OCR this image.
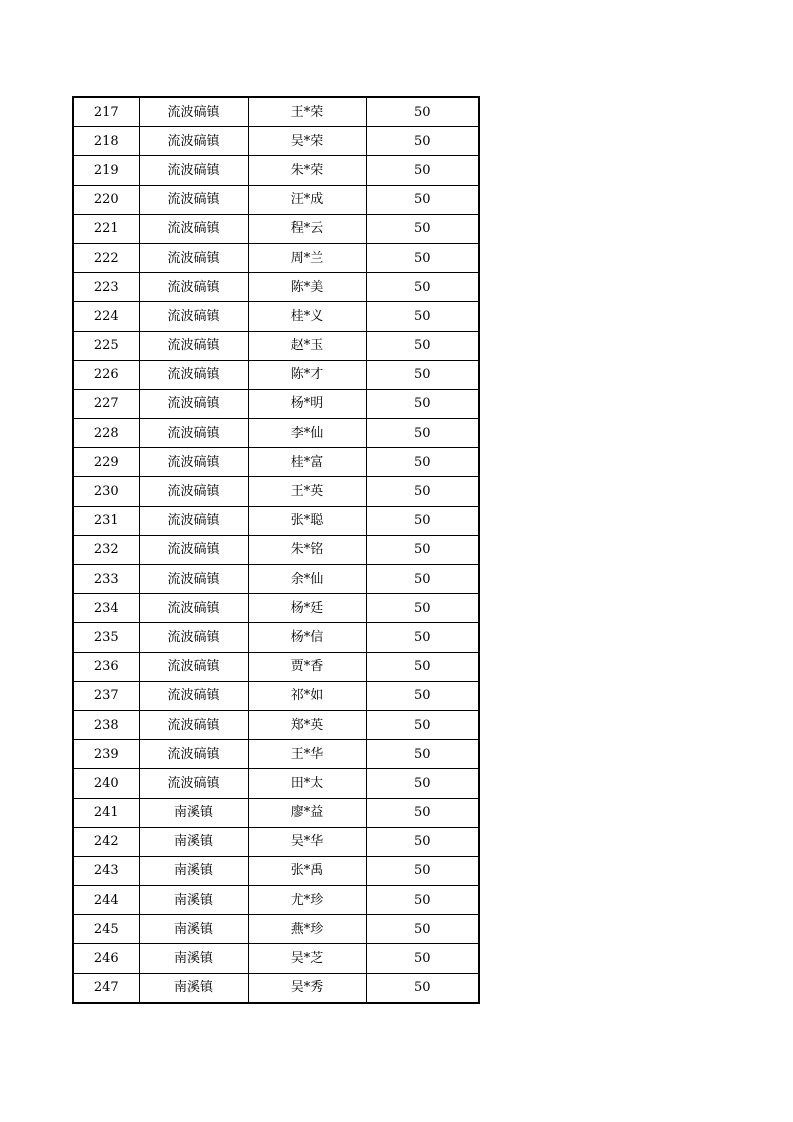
217	流波碻镇	王*荣	50
218	流波碻镇	吴*荣	50
219	流波碻镇	朱*荣	50
220	流波碻镇	汪*成	50
221	流波碻镇	程*云	50
222	流波碻镇	周*兰	50
223	流波碻镇	陈*美	50
224	流波碻镇	桂*义	50
225	流波碻镇	赵*玉	50
226	流波碻镇	陈*才	50
227	流波碻镇	杨*明	50
228	流波碻镇	李*仙	50
229	流波碻镇	桂*富	50
230	流波碻镇	王*英	50
231	流波碻镇	张*聪	50
232	流波碻镇	朱*铭	50
233	流波碻镇	余*仙	50
234	流波碻镇	杨*廷	50
235	流波碻镇	杨*信	50
236	流波碻镇	贾*香	50
237	流波碻镇	祁*如	50
238	流波碻镇	郑*英	50
239	流波碻镇	王*华	50
240	流波碻镇	田*太	50
241	南溪镇	廖*益	50
242	南溪镇	吴*华	50
243	南溪镇	张*禹	50
244	南溪镇	尤*珍	50
245	南溪镇	燕*珍	50
246	南溪镇	吴*芝	50
247	南溪镇	吴*秀	50
